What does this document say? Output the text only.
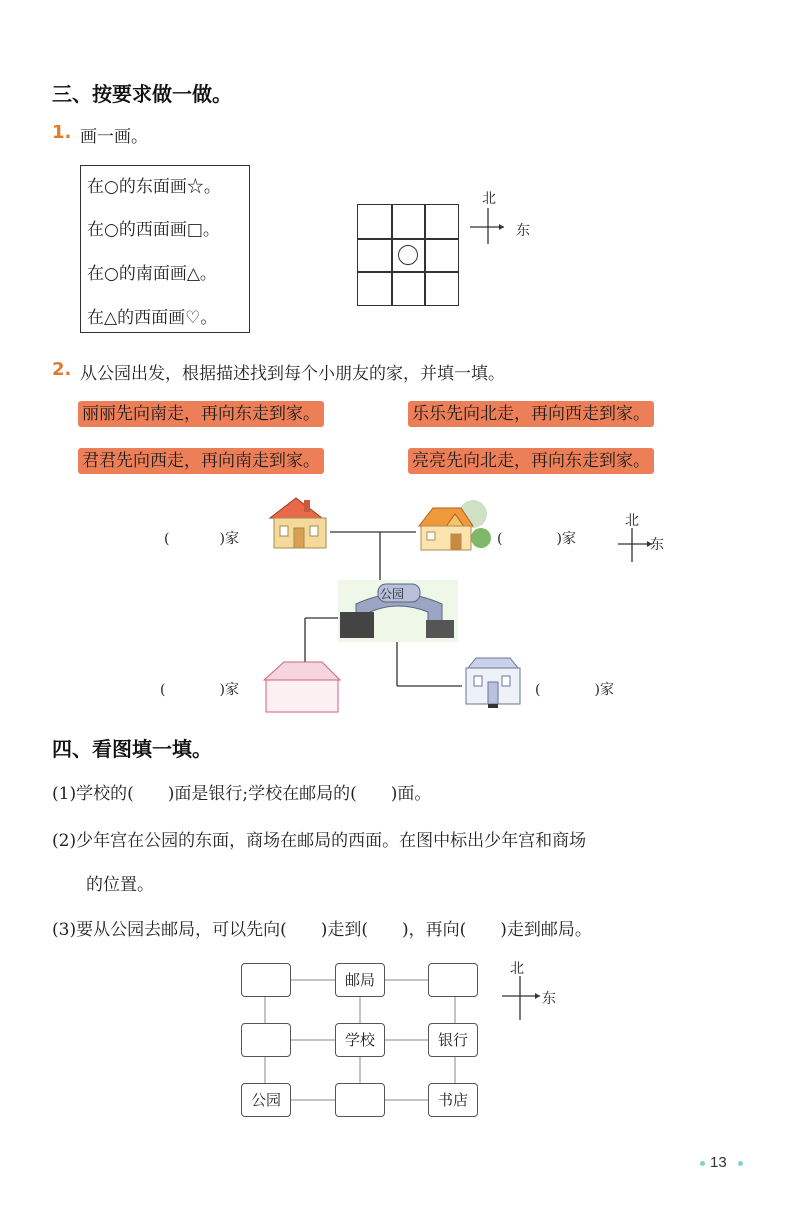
三、按要求做一做。
1. 画一画。
在○的东面画☆。
在○的西面画□。
在○的南面画△。
在△的西面画♡。
北
东
2. 从公园出发，根据描述找到每个小朋友的家，并填一填。
丽丽先向南走，再向东走到家。	乐乐先向北走，再向西走到家。
君君先向西走，再向南走到家。	亮亮先向北走，再向东走到家。
公园
(	)家	(	)家
(	)家	(	)家
北
东
四、看图填一填。
(1)学校的(　　)面是银行;学校在邮局的(　　)面。
(2)少年宫在公园的东面，商场在邮局的西面。在图中标出少年宫和商场
的位置。
(3)要从公园去邮局，可以先向(　　)走到(　　)，再向(　　)走到邮局。
邮局
学校	银行
公园	书店
北
东
13
